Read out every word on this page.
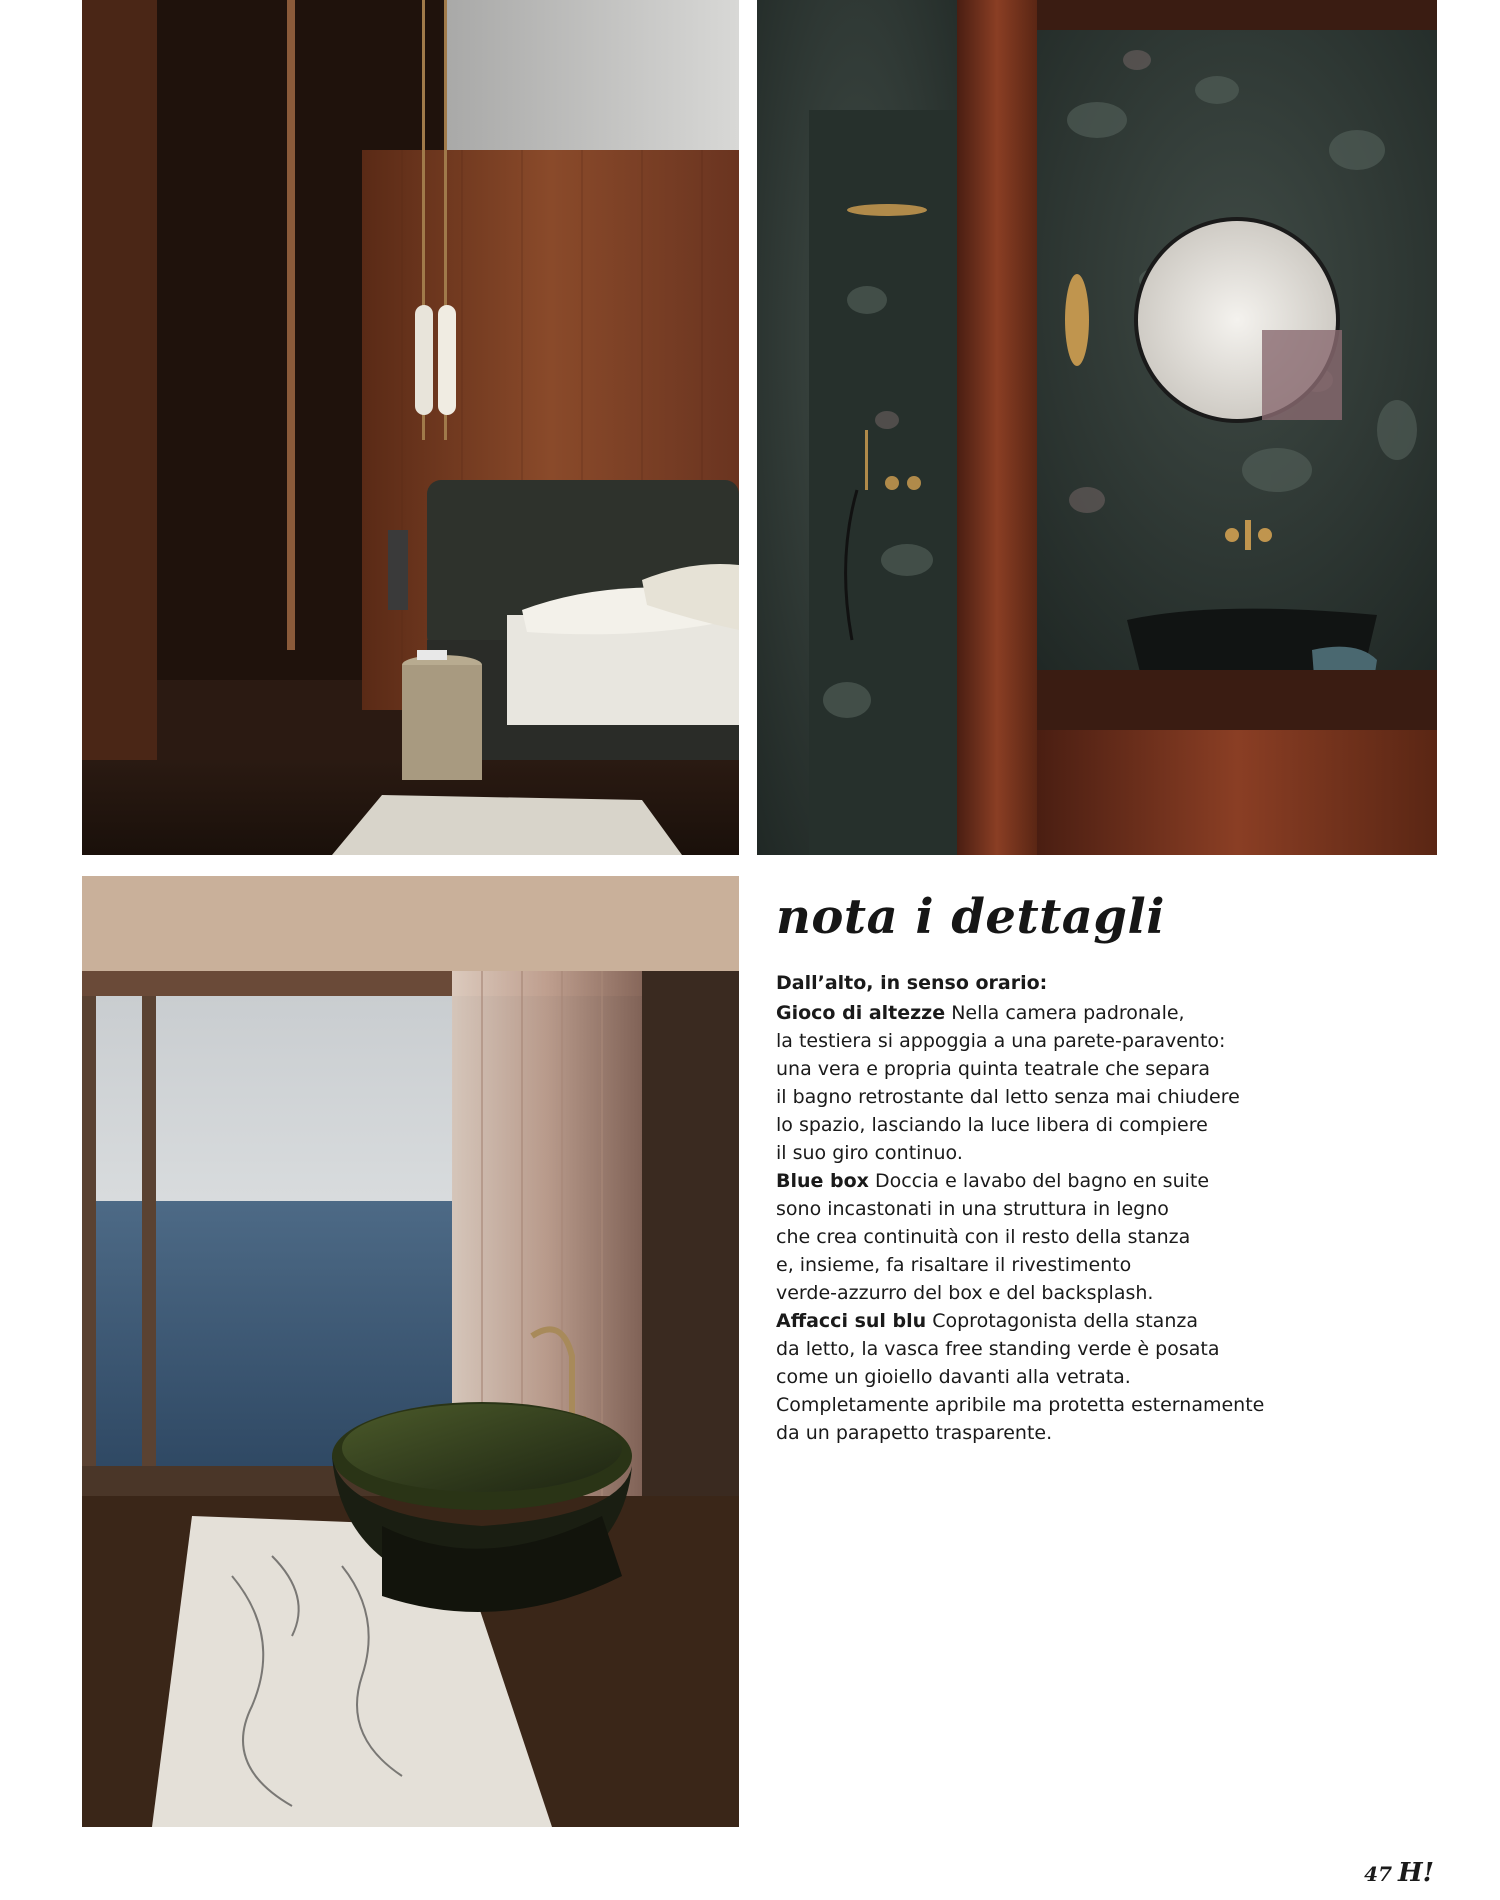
nota i dettagli

Dall’alto, in senso orario:

Gioco di altezze Nella camera padronale,
la testiera si appoggia a una parete-paravento:
una vera e propria quinta teatrale che separa
il bagno retrostante dal letto senza mai chiudere
lo spazio, lasciando la luce libera di compiere
il suo giro continuo.

Blue box Doccia e lavabo del bagno en suite
sono incastonati in una struttura in legno
che crea continuità con il resto della stanza
e, insieme, fa risaltare il rivestimento
verde-azzurro del box e del backsplash.

Affacci sul blu Coprotagonista della stanza
da letto, la vasca free standing verde è posata
come un gioiello davanti alla vetrata.
Completamente apribile ma protetta esternamente
da un parapetto trasparente.

47 H!
